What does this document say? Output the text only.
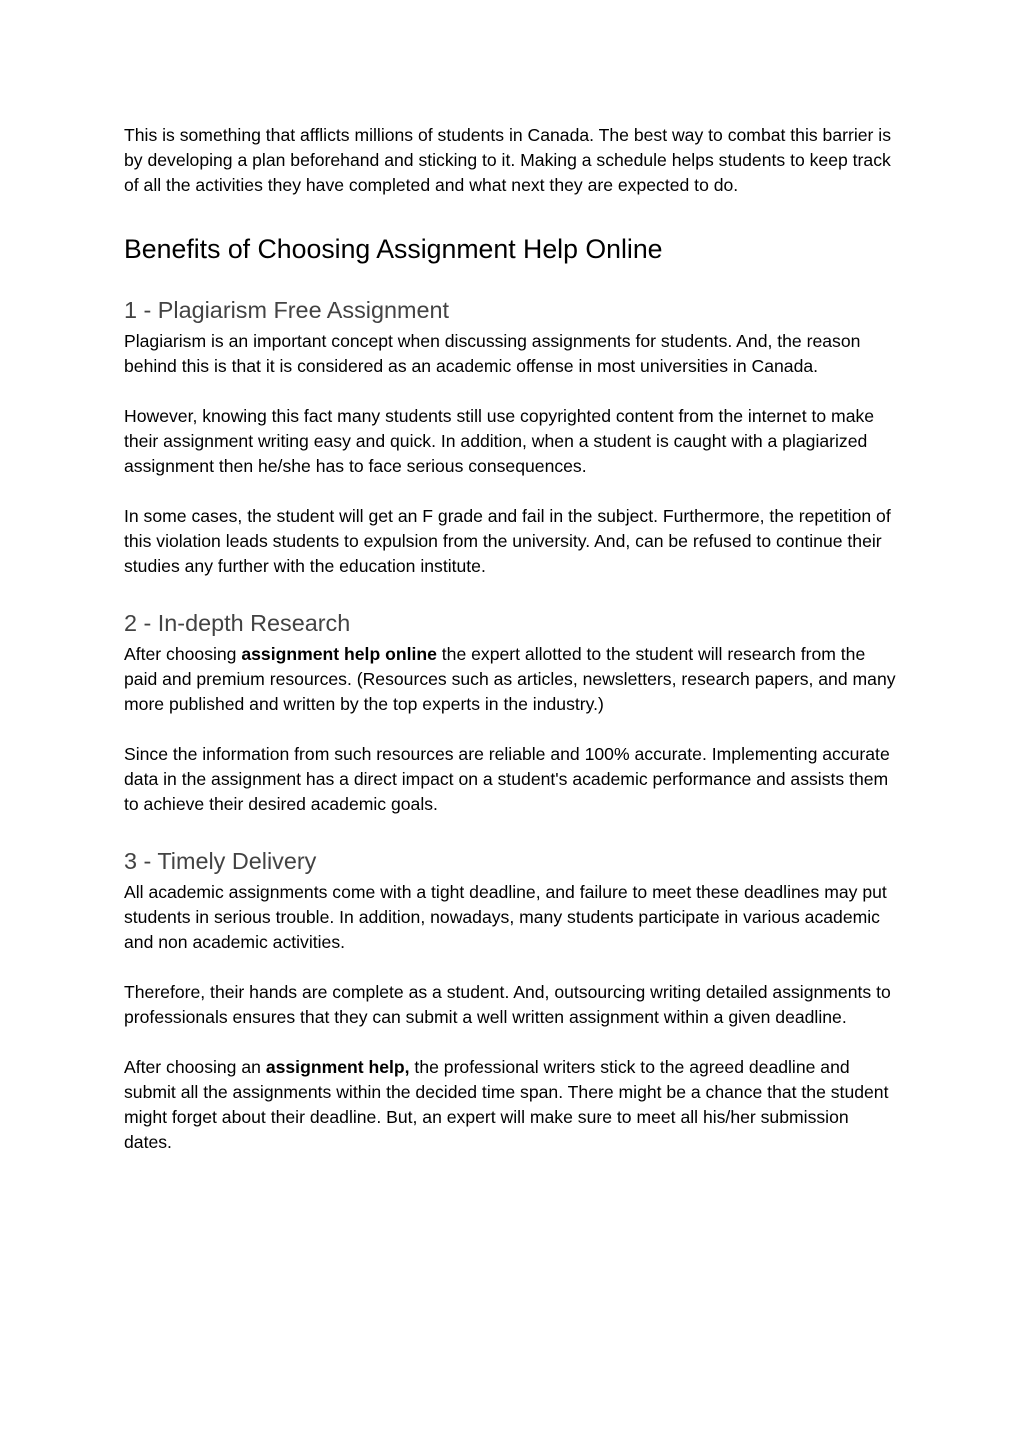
This is something that afflicts millions of students in Canada. The best way to combat this barrier is by developing a plan beforehand and sticking to it. Making a schedule helps students to keep track of all the activities they have completed and what next they are expected to do.

Benefits of Choosing Assignment Help Online
1 - Plagiarism Free Assignment

Plagiarism is an important concept when discussing assignments for students. And, the reason behind this is that it is considered as an academic offense in most universities in Canada.

However, knowing this fact many students still use copyrighted content from the internet to make their assignment writing easy and quick. In addition, when a student is caught with a plagiarized assignment then he/she has to face serious consequences.

In some cases, the student will get an F grade and fail in the subject. Furthermore, the repetition of this violation leads students to expulsion from the university. And, can be refused to continue their studies any further with the education institute.

2 - In-depth Research

After choosing assignment help online the expert allotted to the student will research from the paid and premium resources. (Resources such as articles, newsletters, research papers, and many more published and written by the top experts in the industry.)

Since the information from such resources are reliable and 100% accurate. Implementing accurate data in the assignment has a direct impact on a student's academic performance and assists them to achieve their desired academic goals.

3 - Timely Delivery

All academic assignments come with a tight deadline, and failure to meet these deadlines may put students in serious trouble. In addition, nowadays, many students participate in various academic and non academic activities.

Therefore, their hands are complete as a student. And, outsourcing writing detailed assignments to professionals ensures that they can submit a well written assignment within a given deadline.

After choosing an assignment help, the professional writers stick to the agreed deadline and submit all the assignments within the decided time span. There might be a chance that the student might forget about their deadline. But, an expert will make sure to meet all his/her submission dates.
